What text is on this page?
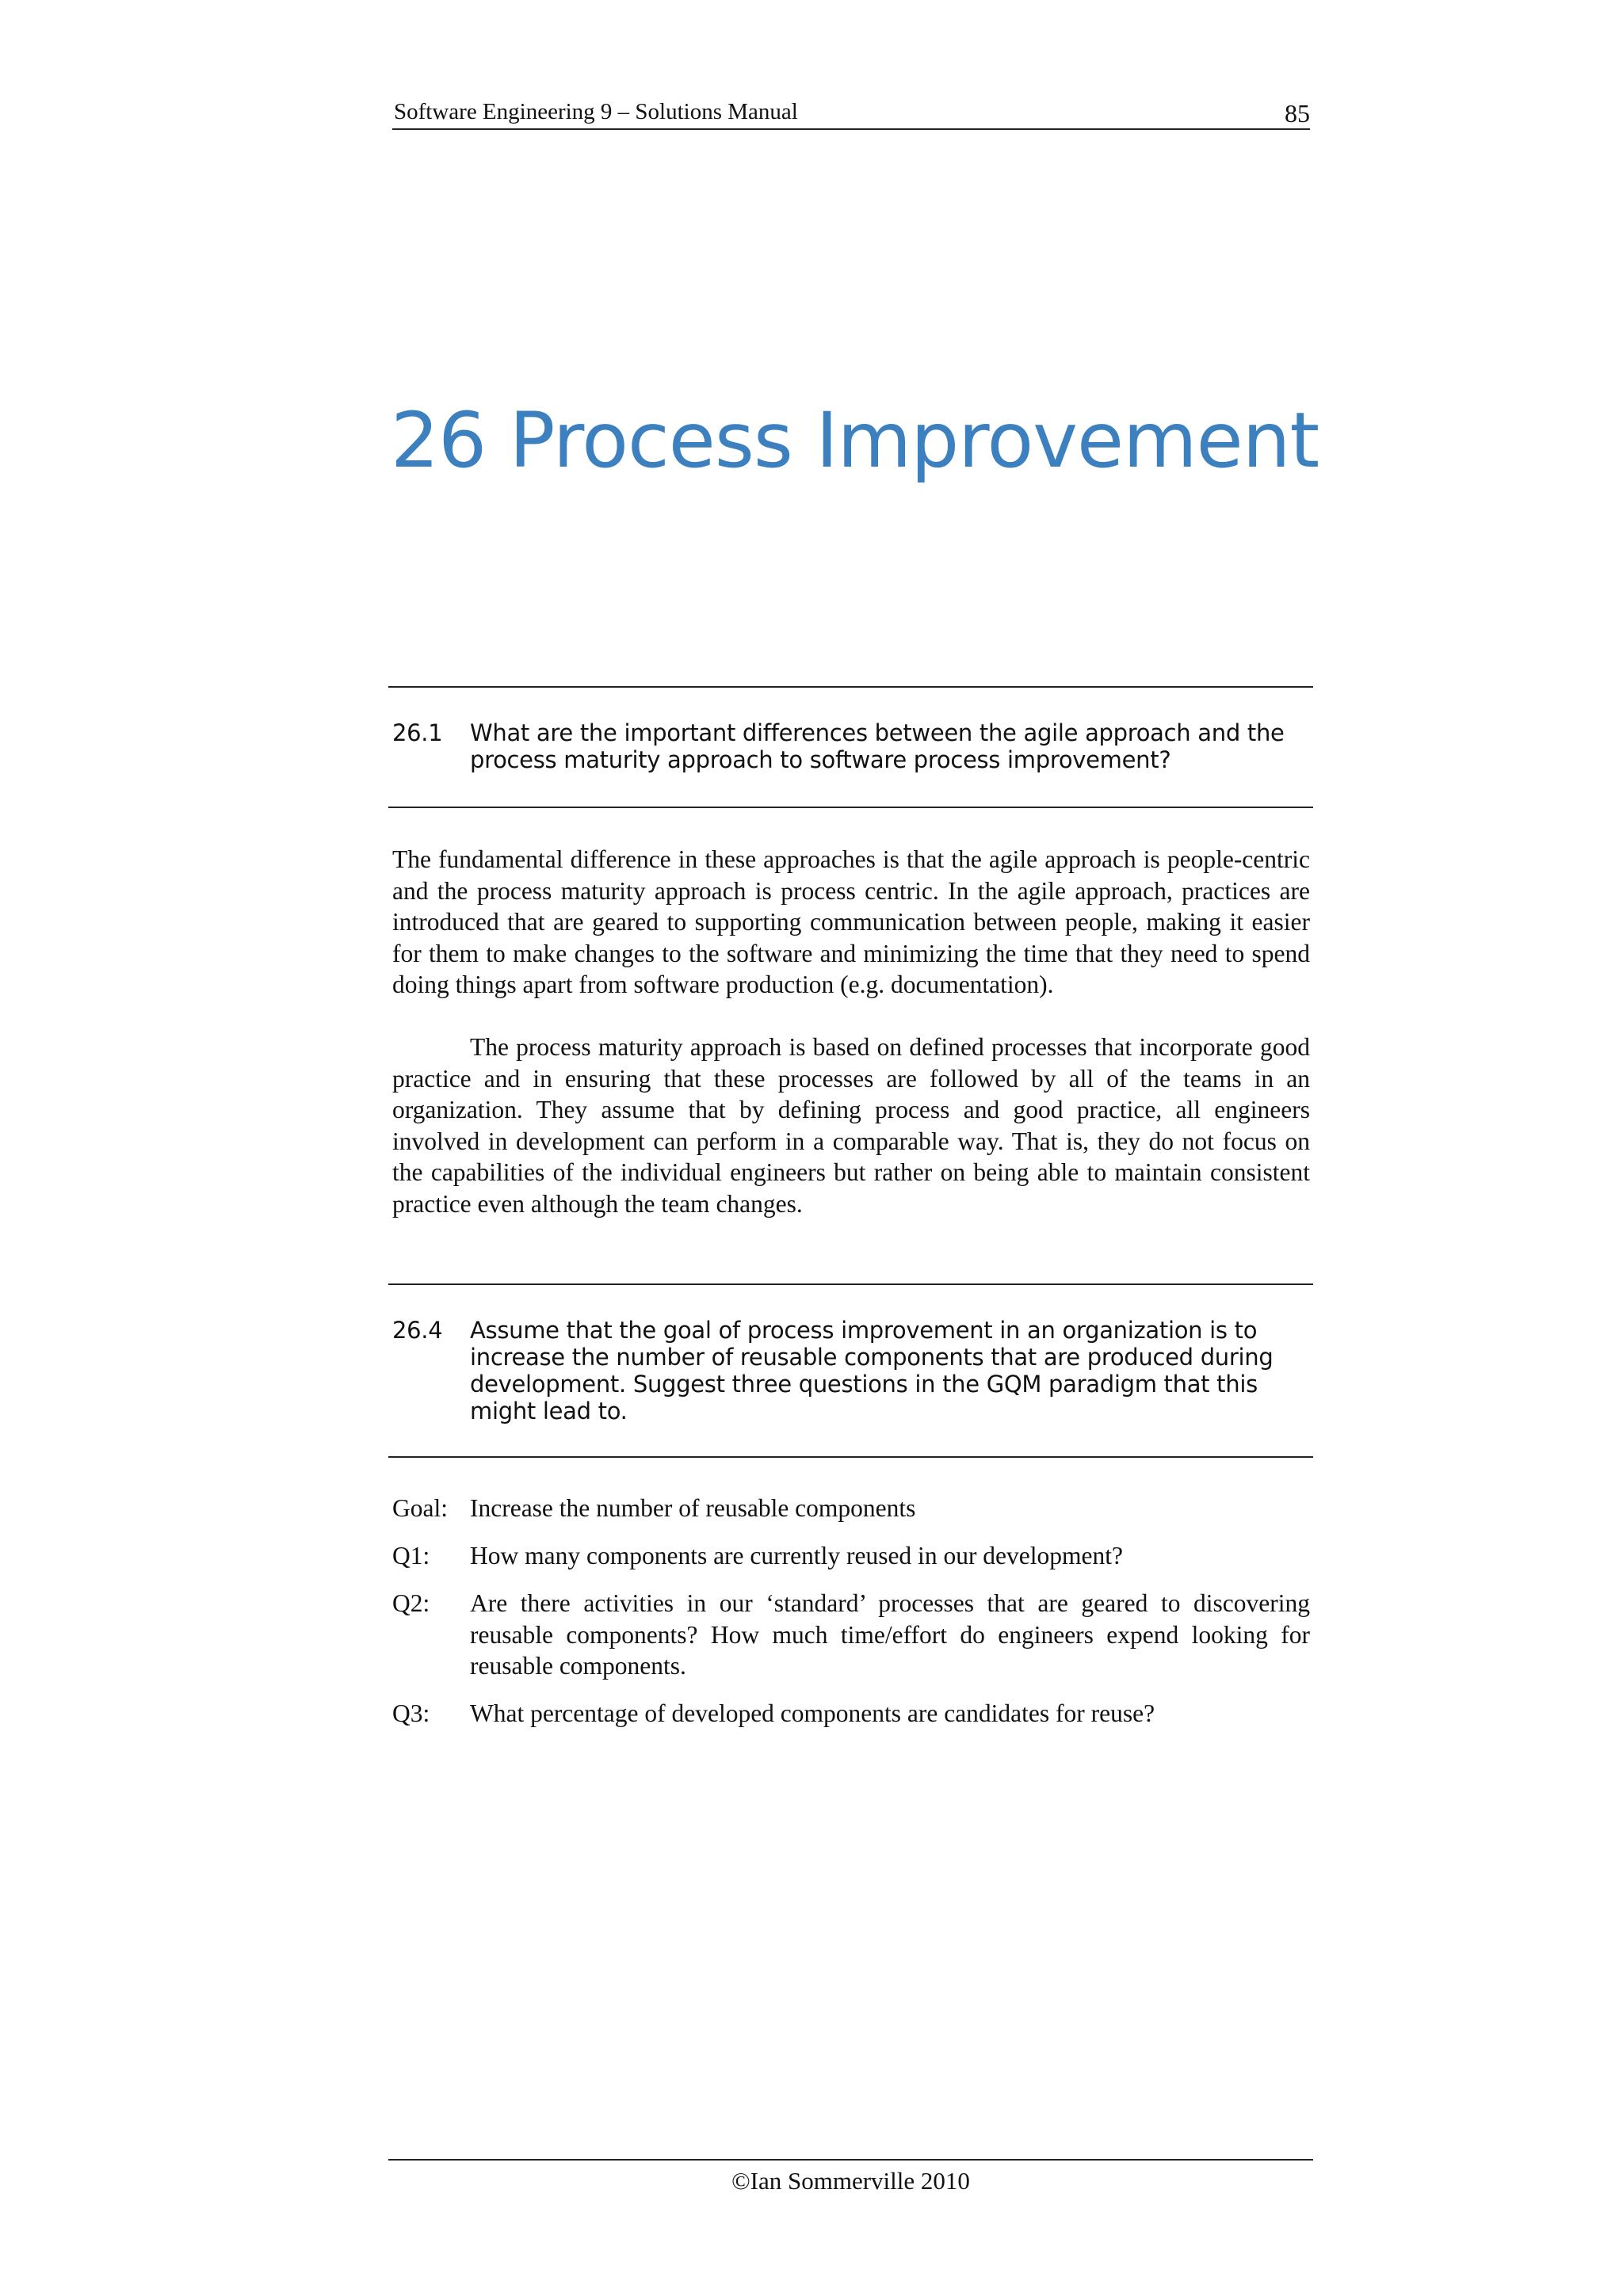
Software Engineering 9 – Solutions Manual	85
26 Process Improvement
26.1 What are the important differences between the agile approach and the process maturity approach to software process improvement?

The fundamental difference in these approaches is that the agile approach is people-centric and the process maturity approach is process centric. In the agile approach, practices are introduced that are geared to supporting communication between people, making it easier for them to make changes to the software and minimizing the time that they need to spend doing things apart from software production (e.g. documentation).

The process maturity approach is based on defined processes that incorporate good practice and in ensuring that these processes are followed by all of the teams in an organization. They assume that by defining process and good practice, all engineers involved in development can perform in a comparable way. That is, they do not focus on the capabilities of the individual engineers but rather on being able to maintain consistent practice even although the team changes.

26.4 Assume that the goal of process improvement in an organization is to increase the number of reusable components that are produced during development. Suggest three questions in the GQM paradigm that this might lead to.
Goal: Increase the number of reusable components
Q1: How many components are currently reused in our development?
Q2: Are there activities in our ‘standard’ processes that are geared to discovering reusable components? How much time/effort do engineers expend looking for reusable components.
Q3: What percentage of developed components are candidates for reuse?
©Ian Sommerville 2010
